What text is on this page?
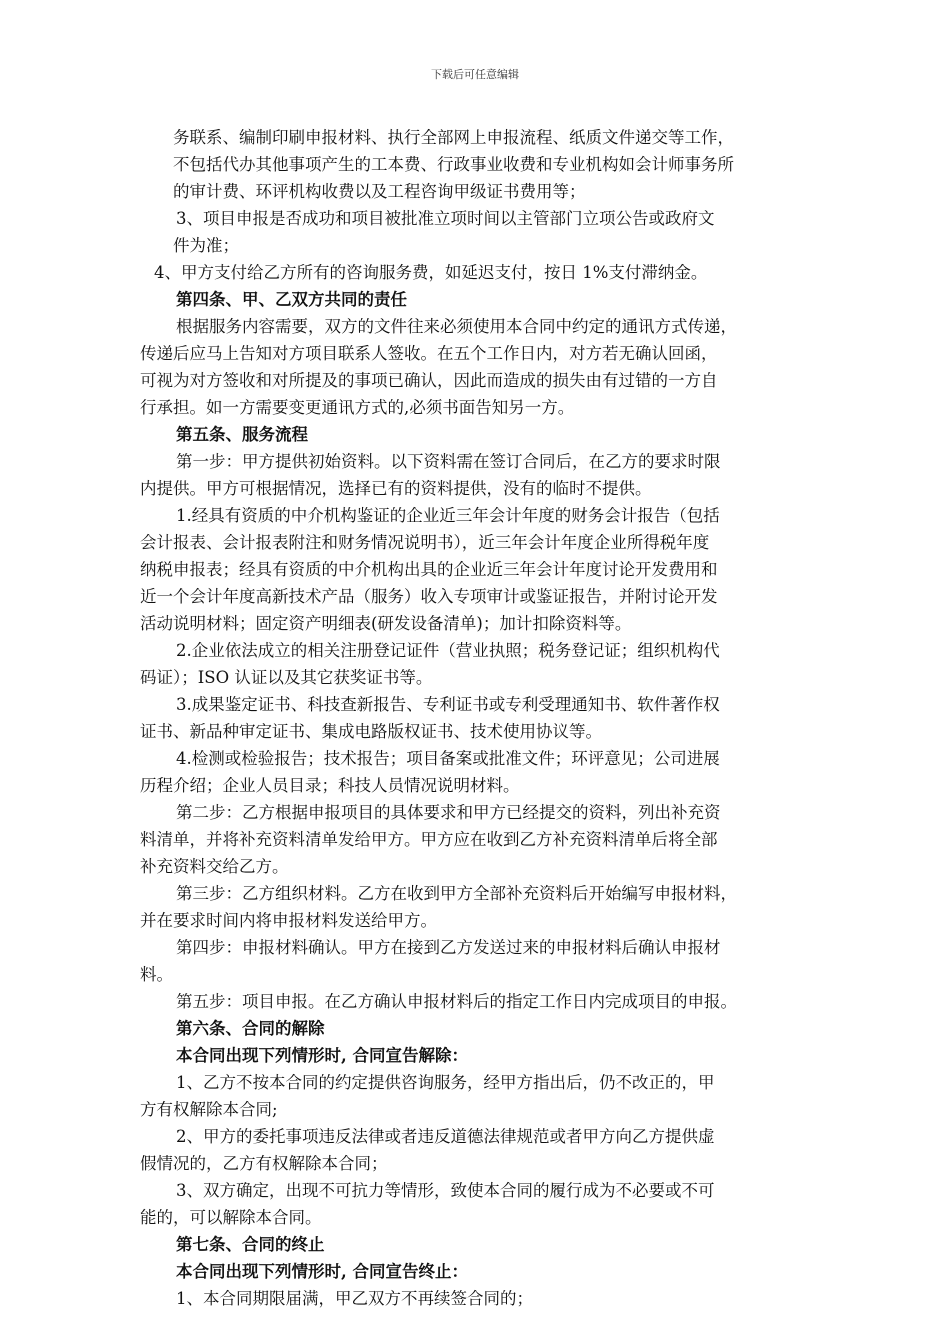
下载后可任意编辑

务联系、编制印刷申报材料、执行全部网上申报流程、纸质文件递交等工作，

不包括代办其他事项产生的工本费、行政事业收费和专业机构如会计师事务所

的审计费、环评机构收费以及工程咨询甲级证书费用等；

3、项目申报是否成功和项目被批准立项时间以主管部门立项公告或政府文

件为准；

4、甲方支付给乙方所有的咨询服务费，如延迟支付，按日 1%支付滞纳金。

第四条、甲、乙双方共同的责任

根据服务内容需要，双方的文件往来必须使用本合同中约定的通讯方式传递，

传递后应马上告知对方项目联系人签收。在五个工作日内，对方若无确认回函，

可视为对方签收和对所提及的事项已确认，因此而造成的损失由有过错的一方自

行承担。如一方需要变更通讯方式的,必须书面告知另一方。

第五条、服务流程

第一步：甲方提供初始资料。以下资料需在签订合同后，在乙方的要求时限

内提供。甲方可根据情况，选择已有的资料提供，没有的临时不提供。

1.经具有资质的中介机构鉴证的企业近三年会计年度的财务会计报告（包括

会计报表、会计报表附注和财务情况说明书），近三年会计年度企业所得税年度

纳税申报表；经具有资质的中介机构出具的企业近三年会计年度讨论开发费用和

近一个会计年度高新技术产品（服务）收入专项审计或鉴证报告，并附讨论开发

活动说明材料；固定资产明细表(研发设备清单)；加计扣除资料等。

2.企业依法成立的相关注册登记证件（营业执照；税务登记证；组织机构代

码证）；ISO 认证以及其它获奖证书等。

3.成果鉴定证书、科技查新报告、专利证书或专利受理通知书、软件著作权

证书、新品种审定证书、集成电路版权证书、技术使用协议等。

4.检测或检验报告；技术报告；项目备案或批准文件；环评意见；公司进展

历程介绍；企业人员目录；科技人员情况说明材料。

第二步：乙方根据申报项目的具体要求和甲方已经提交的资料，列出补充资

料清单，并将补充资料清单发给甲方。甲方应在收到乙方补充资料清单后将全部

补充资料交给乙方。

第三步：乙方组织材料。乙方在收到甲方全部补充资料后开始编写申报材料，

并在要求时间内将申报材料发送给甲方。

第四步：申报材料确认。甲方在接到乙方发送过来的申报材料后确认申报材

料。

第五步：项目申报。在乙方确认申报材料后的指定工作日内完成项目的申报。

第六条、合同的解除

本合同出现下列情形时, 合同宣告解除：

1、乙方不按本合同的约定提供咨询服务，经甲方指出后，仍不改正的，甲

方有权解除本合同;

2、甲方的委托事项违反法律或者违反道德法律规范或者甲方向乙方提供虚

假情况的，乙方有权解除本合同；

3、双方确定，出现不可抗力等情形，致使本合同的履行成为不必要或不可

能的，可以解除本合同。

第七条、合同的终止

本合同出现下列情形时, 合同宣告终止：

1、本合同期限届满，甲乙双方不再续签合同的；
